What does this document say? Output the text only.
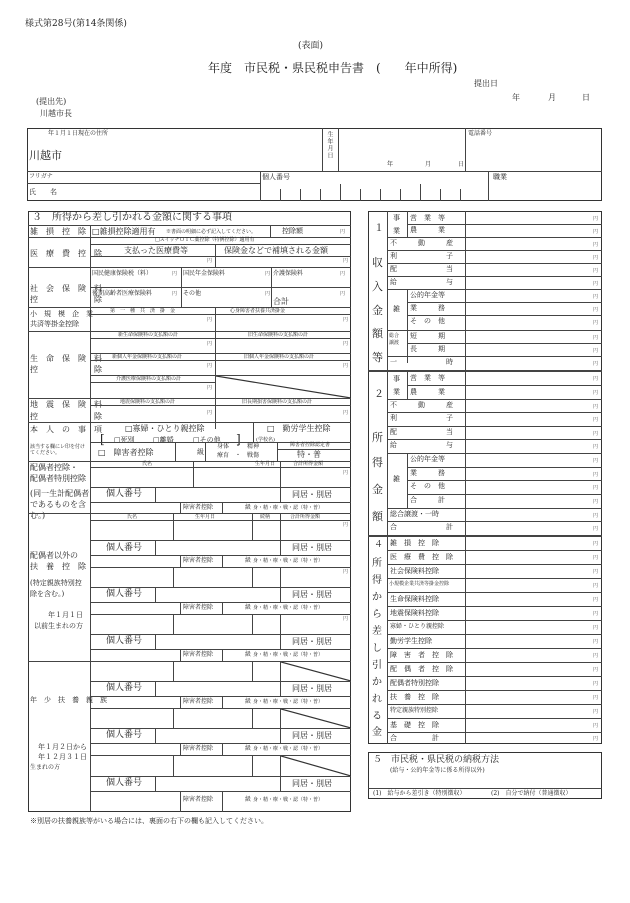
様式第28号(第14条関係)
(表面)
年度　市民税・県民税申告書　(　　年中所得)
提出日
年	月	日
(提出先)
川越市長
年１月１日現在の住所
川越市	生年月日
年	月	日
電話番号
フリガナ
氏　　名
個人番号	職業
３　所得から差し引かれる金額に関する事項
雑　損　控　除 □雑損控除適用有 ※書面の明細に必ず記入してください。	控除額	円
医　療　費　控　除
□スイッチＯＴＣ薬控除（特例控除）適用有
支払った医療費等	保険金などで補填される金額
円	円
社　会　保　険　料
控　　　　　　　除
国民健康保険税（料）	円 国民年金保険料	円 介護保険料	円
後期高齢者医療保険料	円 その他	円	円
合計
小　規　模　企　業
共済等掛金控除
第　一　種　共　済　掛　金	心身障害者扶養共済掛金
円	円
生　命　保　険　料
控　　　　　　　除
新生命保険料の支払額の計	旧生命保険料の支払額の計
円	円
新個人年金保険料の支払額の計	旧個人年金保険料の支払額の計
円	円
介護医療保険料の支払額の計
円
地　震　保　険　料
控　　　　　　　除
地震保険料の支払額の計	旧長期損害保険料の支払額の計
円	円
本　人　の　事　項
該当する欄にレ印を付けてください。
□寡婦・ひとり親控除
[ □死別	□離婚	□その他 ]
□　勤労学生控除
(学校名)
□　障害者控除	級
身体　・　精神
療育　・　戦傷
障害者控除認定書
特・普
配偶者控除・
配偶者特別控除
(同一生計配偶者
であるものを含
む。)
氏名	生年月日	合計所得金額
円
個人番号	同居・別居
障害者控除	級 身・精・療・戦・認（特・普）
配偶者以外の
扶　養　控　除
(特定親族特別控
除を含む。)
年１月１日
以前生まれの方
氏名	生年月日	続柄	合計所得金額
円
個人番号	同居・別居
障害者控除	級 身・精・療・戦・認（特・普）
円
個人番号	同居・別居
障害者控除	級 身・精・療・戦・認（特・普）
円
個人番号	同居・別居
障害者控除	級 身・精・療・戦・認（特・普）
年　少　扶　養　親　族
年１月２日から
年１２月３１日
生まれの方
個人番号	同居・別居
障害者控除	級 身・精・療・戦・認（特・普）
個人番号	同居・別居
障害者控除	級 身・精・療・戦・認（特・普）
個人番号	同居・別居
障害者控除	級 身・精・療・戦・認（特・普）
※別居の扶養親族等がいる場合には、裏面の右下の欄も記入してください。
１
収
入
金
額
等
事
業
営　業　等	円
農　　　業	円
不　　　動　　　産	円
利　　　　　　　子	円
配　　　　　　　当	円
給　　　　　　　与	円
雑
公的年金等	円
業　　　務	円
そ　の　他	円
総合
譲渡
短　　　期	円
長　　　期	円
一　　　　　　　時	円
２
所
得
金
額
事
業
営　業　等	円
農　　　業	円
不　　　動　　　産	円
利　　　　　　　子	円
配　　　　　　　当	円
給　　　　　　　与	円
雑
公的年金等	円
業　　　務	円
そ　の　他	円
合　　　計	円
総合譲渡・一時	円
合　　　　　　　計	円
４
所
得
か
ら
差
し
引
か
れ
る
金
雑　損　控　除	円
医　療　費　控　除	円
社会保険料控除	円
小規模企業共済等掛金控除	円
生命保険料控除	円
地震保険料控除	円
寡婦・ひとり親控除	円
勤労学生控除	円
障　害　者　控　除	円
配　偶　者　控　除	円
配偶者特別控除	円
扶　養　控　除	円
特定親族特別控除	円
基　礎　控　除	円
合　　　　　計	円
５　市民税・県民税の納税方法
(給与・公的年金等に係る所得以外)
(1)　給与から差引き（特別徴収）	(2)　自分で納付（普通徴収）
